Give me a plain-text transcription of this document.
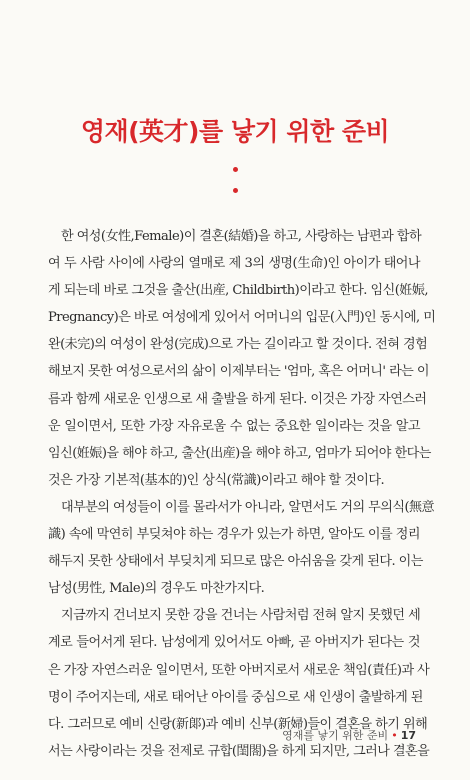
영재(英才)를 낳기 위한 준비
한 여성(女性,Female)이 결혼(結婚)을 하고, 사랑하는 남편과 합하
여 두 사람 사이에 사랑의 열매로 제 3의 생명(生命)인 아이가 태어나
게 되는데 바로 그것을 출산(出産, Childbirth)이라고 한다. 임신(姙娠,
Pregnancy)은 바로 여성에게 있어서 어머니의 입문(入門)인 동시에, 미
완(未完)의 여성이 완성(完成)으로 가는 길이라고 할 것이다. 전혀 경험
해보지 못한 여성으로서의 삶이 이제부터는 '엄마, 혹은 어머니' 라는 이
름과 함께 새로운 인생으로 새 출발을 하게 된다. 이것은 가장 자연스러
운 일이면서, 또한 가장 자유로울 수 없는 중요한 일이라는 것을 알고
임신(姙娠)을 해야 하고, 출산(出産)을 해야 하고, 엄마가 되어야 한다는
것은 가장 기본적(基本的)인 상식(常識)이라고 해야 할 것이다.
대부분의 여성들이 이를 몰라서가 아니라, 알면서도 거의 무의식(無意
識) 속에 막연히 부딪쳐야 하는 경우가 있는가 하면, 알아도 이를 정리
해두지 못한 상태에서 부딪치게 되므로 많은 아쉬움을 갖게 된다. 이는
남성(男性, Male)의 경우도 마찬가지다.
지금까지 건너보지 못한 강을 건너는 사람처럼 전혀 알지 못했던 세
계로 들어서게 된다. 남성에게 있어서도 아빠, 곧 아버지가 된다는 것
은 가장 자연스러운 일이면서, 또한 아버지로서 새로운 책임(責任)과 사
명이 주어지는데, 새로 태어난 아이를 중심으로 새 인생이 출발하게 된
다. 그러므로 예비 신랑(新郞)과 예비 신부(新婦)들이 결혼을 하기 위해
서는 사랑이라는 것을 전제로 규합(閨閤)을 하게 되지만, 그러나 결혼을
영재를 낳기 위한 준비 • 17
